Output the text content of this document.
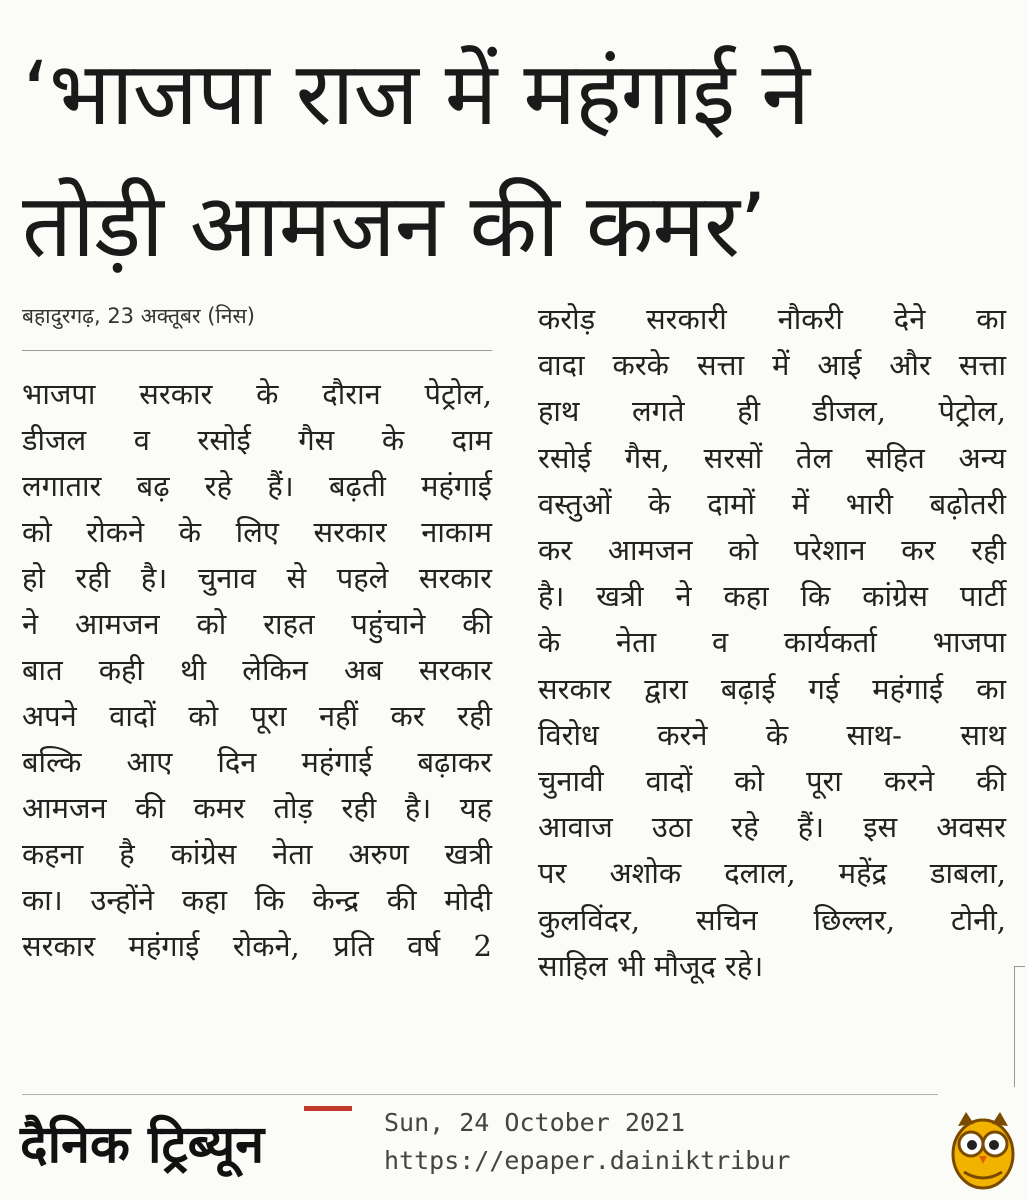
‘भाजपा राज में महंगाई ने
तोड़ी आमजन की कमर’
बहादुरगढ़, 23 अक्तूबर (निस)

भाजपा सरकार के दौरान पेट्रोल,

डीजल व रसोई गैस के दाम

लगातार बढ़ रहे हैं। बढ़ती महंगाई

को रोकने के लिए सरकार नाकाम

हो रही है। चुनाव से पहले सरकार

ने आमजन को राहत पहुंचाने की

बात कही थी लेकिन अब सरकार

अपने वादों को पूरा नहीं कर रही

बल्कि आए दिन महंगाई बढ़ाकर

आमजन की कमर तोड़ रही है। यह

कहना है कांग्रेस नेता अरुण खत्री

का। उन्होंने कहा कि केन्द्र की मोदी

सरकार महंगाई रोकने, प्रति वर्ष 2

करोड़ सरकारी नौकरी देने का

वादा करके सत्ता में आई और सत्ता

हाथ लगते ही डीजल, पेट्रोल,

रसोई गैस, सरसों तेल सहित अन्य

वस्तुओं के दामों में भारी बढ़ोतरी

कर आमजन को परेशान कर रही

है। खत्री ने कहा कि कांग्रेस पार्टी

के नेता व कार्यकर्ता भाजपा

सरकार द्वारा बढ़ाई गई महंगाई का

विरोध करने के साथ- साथ

चुनावी वादों को पूरा करने की

आवाज उठा रहे हैं। इस अवसर

पर अशोक दलाल, महेंद्र डाबला,

कुलविंदर, सचिन छिल्लर, टोनी,

साहिल भी मौजूद रहे।

दैनिक ट्रिब्यून	Sun, 24 October 2021
https://epaper.dainiktribur
